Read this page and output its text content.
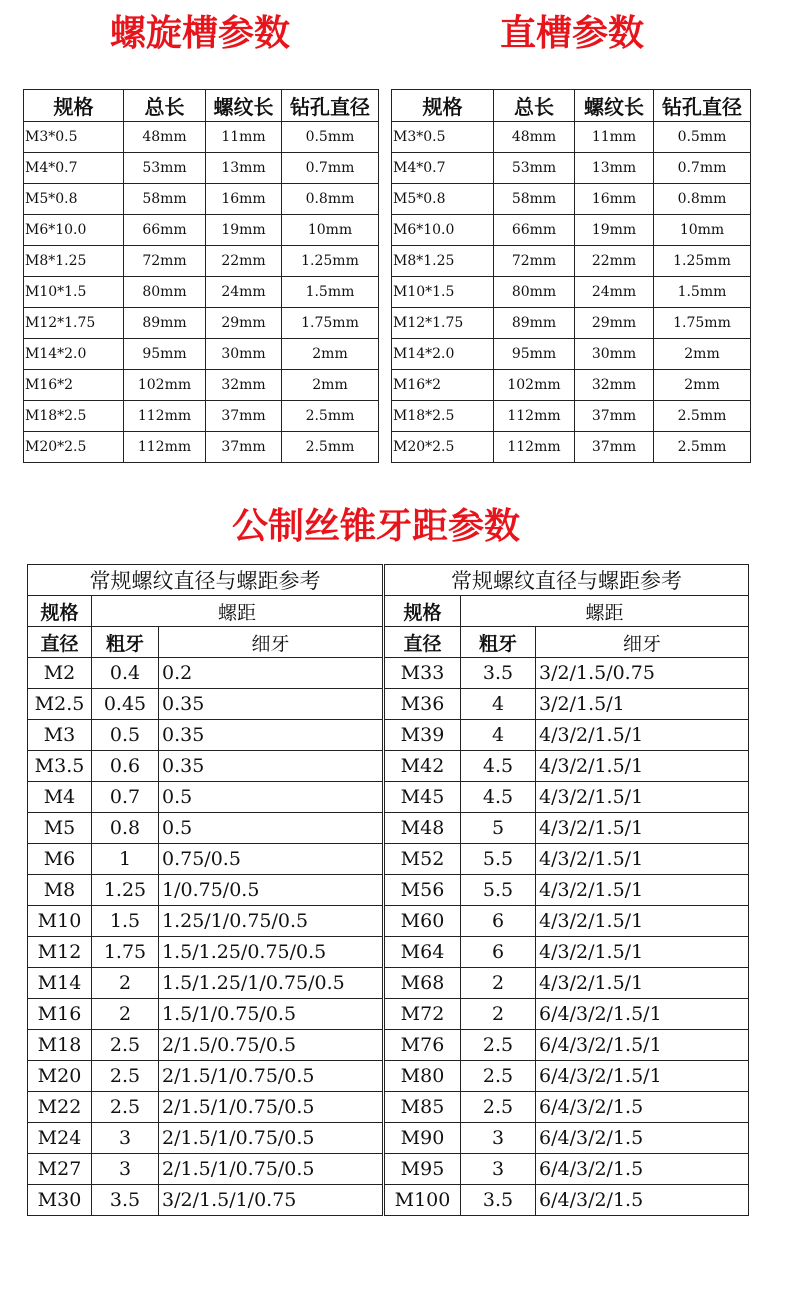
螺旋槽参数	直槽参数
公制丝锥牙距参数
规格	总长	螺纹长	钻孔直径
M3*0.5	48mm	11mm	0.5mm
M4*0.7	53mm	13mm	0.7mm
M5*0.8	58mm	16mm	0.8mm
M6*10.0	66mm	19mm	10mm
M8*1.25	72mm	22mm	1.25mm
M10*1.5	80mm	24mm	1.5mm
M12*1.75	89mm	29mm	1.75mm
M14*2.0	95mm	30mm	2mm
M16*2	102mm	32mm	2mm
M18*2.5	112mm	37mm	2.5mm
M20*2.5	112mm	37mm	2.5mm
规格	总长	螺纹长	钻孔直径
M3*0.5	48mm	11mm	0.5mm
M4*0.7	53mm	13mm	0.7mm
M5*0.8	58mm	16mm	0.8mm
M6*10.0	66mm	19mm	10mm
M8*1.25	72mm	22mm	1.25mm
M10*1.5	80mm	24mm	1.5mm
M12*1.75	89mm	29mm	1.75mm
M14*2.0	95mm	30mm	2mm
M16*2	102mm	32mm	2mm
M18*2.5	112mm	37mm	2.5mm
M20*2.5	112mm	37mm	2.5mm
常规螺纹直径与螺距参考		
规格	螺距	
直径	粗牙	细牙
M2	0.4	0.2
M2.5	0.45	0.35
M3	0.5	0.35
M3.5	0.6	0.35
M4	0.7	0.5
M5	0.8	0.5
M6	1	0.75/0.5
M8	1.25	1/0.75/0.5
M10	1.5	1.25/1/0.75/0.5
M12	1.75	1.5/1.25/0.75/0.5
M14	2	1.5/1.25/1/0.75/0.5
M16	2	1.5/1/0.75/0.5
M18	2.5	2/1.5/0.75/0.5
M20	2.5	2/1.5/1/0.75/0.5
M22	2.5	2/1.5/1/0.75/0.5
M24	3	2/1.5/1/0.75/0.5
M27	3	2/1.5/1/0.75/0.5
M30	3.5	3/2/1.5/1/0.75
常规螺纹直径与螺距参考		
规格	螺距	
直径	粗牙	细牙
M33	3.5	3/2/1.5/0.75
M36	4	3/2/1.5/1
M39	4	4/3/2/1.5/1
M42	4.5	4/3/2/1.5/1
M45	4.5	4/3/2/1.5/1
M48	5	4/3/2/1.5/1
M52	5.5	4/3/2/1.5/1
M56	5.5	4/3/2/1.5/1
M60	6	4/3/2/1.5/1
M64	6	4/3/2/1.5/1
M68	2	4/3/2/1.5/1
M72	2	6/4/3/2/1.5/1
M76	2.5	6/4/3/2/1.5/1
M80	2.5	6/4/3/2/1.5/1
M85	2.5	6/4/3/2/1.5
M90	3	6/4/3/2/1.5
M95	3	6/4/3/2/1.5
M100	3.5	6/4/3/2/1.5
